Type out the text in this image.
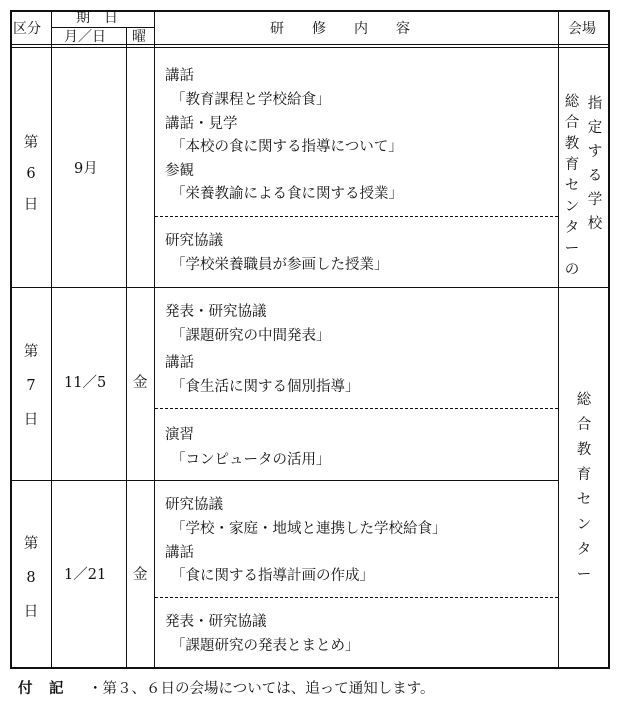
区分
期　日
月／日 曜	研　　修　　内　　容	会場
第
6
日
9月
講話
「教育課程と学校給食」
講話・見学
「本校の食に関する指導について」
参観
「栄養教諭による食に関する授業」
研究協議
「学校栄養職員が参画した授業」
総
合
教
育
セ
ン
タ
ー
の
指
定
す
る
学
校
第
7
日
11／5 金
発表・研究協議
「課題研究の中間発表」
講話
「食生活に関する個別指導」
演習
「コンピュータの活用」
総
合
教
育
セ
ン
タ
ー
第
8
日
1／21 金
研究協議
「学校・家庭・地域と連携した学校給食」
講話
「食に関する指導計画の作成」
発表・研究協議
「課題研究の発表とまとめ」
付　記 ・第３、６日の会場については、追って通知します。
